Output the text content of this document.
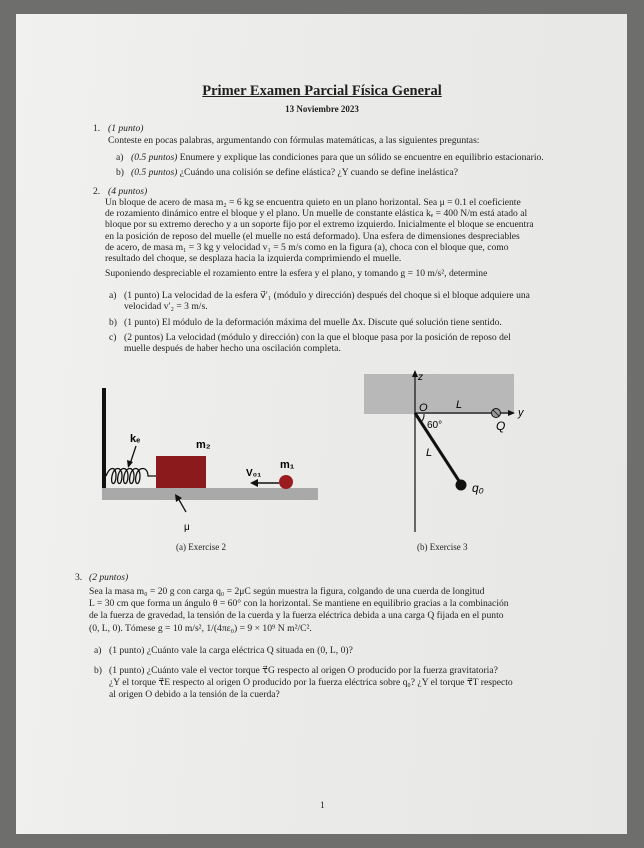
Primer Examen Parcial Física General
13 Noviembre 2023
1. (1 punto)
Conteste en pocas palabras, argumentando con fórmulas matemáticas, a las siguientes preguntas:
a) (0.5 puntos) Enumere y explique las condiciones para que un sólido se encuentre en equilibrio estacionario.
b) (0.5 puntos) ¿Cuándo una colisión se define elástica? ¿Y cuando se define inelástica?
2. (4 puntos)
Un bloque de acero de masa m₂ = 6 kg se encuentra quieto en un plano horizontal. Sea μ = 0.1 el coeficiente
de rozamiento dinámico entre el bloque y el plano. Un muelle de constante elástica kₑ = 400 N/m está atado al
bloque por su extremo derecho y a un soporte fijo por el extremo izquierdo. Inicialmente el bloque se encuentra
en la posición de reposo del muelle (el muelle no está deformado). Una esfera de dimensiones despreciables
de acero, de masa m₁ = 3 kg y velocidad v₁ = 5 m/s como en la figura (a), choca con el bloque que, como
resultado del choque, se desplaza hacia la izquierda comprimiendo el muelle.
Suponiendo despreciable el rozamiento entre la esfera y el plano, y tomando g = 10 m/s², determine
a) (1 punto) La velocidad de la esfera v⃗′₁ (módulo y dirección) después del choque si el bloque adquiere una
velocidad v′₂ = 3 m/s.
b) (1 punto) El módulo de la deformación máxima del muelle Δx. Discute qué solución tiene sentido.
c) (2 puntos) La velocidad (módulo y dirección) con la que el bloque pasa por la posición de reposo del
muelle después de haber hecho una oscilación completa.
kₑ	m₂
V₀₁
m₁
μ
(a) Exercise 2
z
y
O	L
Q
60°
L
q₀
(b) Exercise 3
3. (2 puntos)
Sea la masa m₀ = 20 g con carga q₀ = 2μC según muestra la figura, colgando de una cuerda de longitud
L = 30 cm que forma un ángulo θ = 60° con la horizontal. Se mantiene en equilibrio gracias a la combinación
de la fuerza de gravedad, la tensión de la cuerda y la fuerza eléctrica debida a una carga Q fijada en el punto
(0, L, 0). Tómese g = 10 m/s², 1/(4πε₀) = 9 × 10⁹ N m²/C².
a) (1 punto) ¿Cuánto vale la carga eléctrica Q situada en (0, L, 0)?
b) (1 punto) ¿Cuánto vale el vector torque τ⃗G respecto al origen O producido por la fuerza gravitatoria?
¿Y el torque τ⃗E respecto al origen O producido por la fuerza eléctrica sobre q₀? ¿Y el torque τ⃗T respecto
al origen O debido a la tensión de la cuerda?
1
